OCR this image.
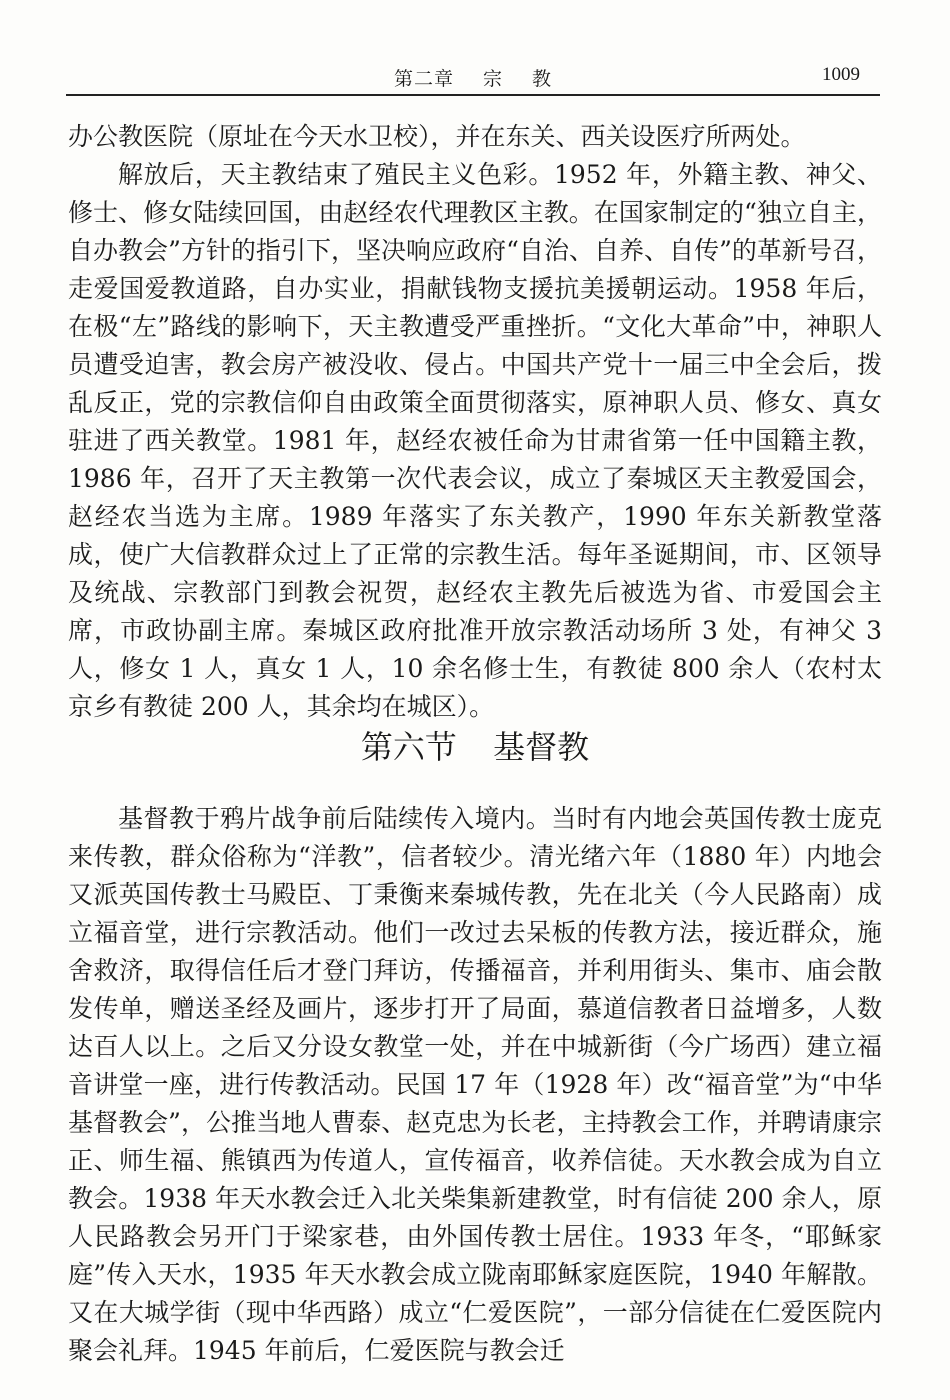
第二章 宗 教	1009

办公教医院（原址在今天水卫校），并在东关、西关设医疗所两处。

解放后，天主教结束了殖民主义色彩。1952 年，外籍主教、神父、修士、修女陆续回国，由赵经农代理教区主教。在国家制定的“独立自主，自办教会”方针的指引下，坚决响应政府“自治、自养、自传”的革新号召，走爱国爱教道路，自办实业，捐献钱物支援抗美援朝运动。1958 年后，在极“左”路线的影响下，天主教遭受严重挫折。“文化大革命”中，神职人员遭受迫害，教会房产被没收、侵占。中国共产党十一届三中全会后，拨乱反正，党的宗教信仰自由政策全面贯彻落实，原神职人员、修女、真女驻进了西关教堂。1981 年，赵经农被任命为甘肃省第一任中国籍主教，1986 年，召开了天主教第一次代表会议，成立了秦城区天主教爱国会，赵经农当选为主席。1989 年落实了东关教产，1990 年东关新教堂落成，使广大信教群众过上了正常的宗教生活。每年圣诞期间，市、区领导及统战、宗教部门到教会祝贺，赵经农主教先后被选为省、市爱国会主席，市政协副主席。秦城区政府批准开放宗教活动场所 3 处，有神父 3 人，修女 1 人，真女 1 人，10 余名修士生，有教徒 800 余人（农村太京乡有教徒 200 人，其余均在城区）。

第六节 基督教

基督教于鸦片战争前后陆续传入境内。当时有内地会英国传教士庞克来传教，群众俗称为“洋教”，信者较少。清光绪六年（1880 年）内地会又派英国传教士马殿臣、丁秉衡来秦城传教，先在北关（今人民路南）成立福音堂，进行宗教活动。他们一改过去呆板的传教方法，接近群众，施舍救济，取得信任后才登门拜访，传播福音，并利用街头、集市、庙会散发传单，赠送圣经及画片，逐步打开了局面，慕道信教者日益增多，人数达百人以上。之后又分设女教堂一处，并在中城新街（今广场西）建立福音讲堂一座，进行传教活动。民国 17 年（1928 年）改“福音堂”为“中华基督教会”，公推当地人曹泰、赵克忠为长老，主持教会工作，并聘请康宗正、师生福、熊镇西为传道人，宣传福音，收养信徒。天水教会成为自立教会。1938 年天水教会迁入北关柴集新建教堂，时有信徒 200 余人，原人民路教会另开门于梁家巷，由外国传教士居住。1933 年冬，“耶稣家庭”传入天水，1935 年天水教会成立陇南耶稣家庭医院，1940 年解散。又在大城学街（现中华西路）成立“仁爱医院”，一部分信徒在仁爱医院内聚会礼拜。1945 年前后，仁爱医院与教会迁
